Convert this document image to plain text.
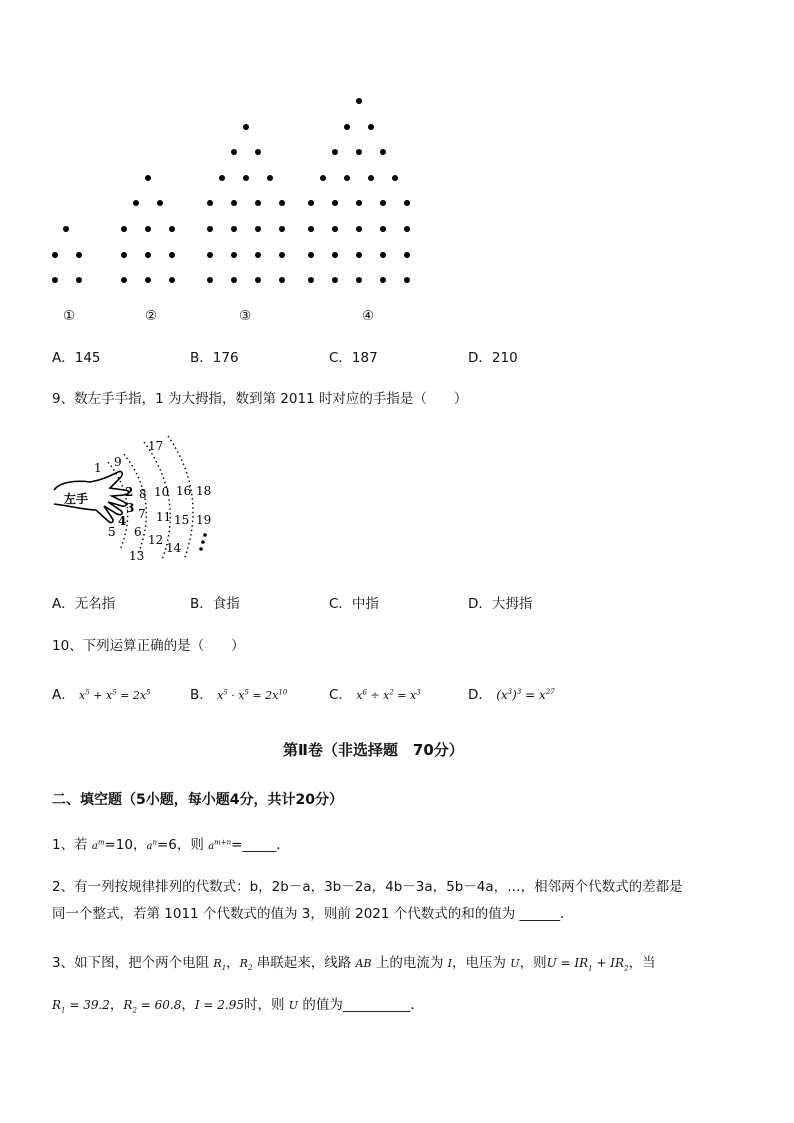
①	②	③	④
A．145	B．176	C．187	D．210
9、数左手手指，1 为大拇指，数到第 2011 时对应的手指是（　　）
左手
1
2
3
4
5 6
7
8
9
10
11
12
13
14
15
16
17
18
19
A．无名指	B．食指	C．中指	D．大拇指
10、下列运算正确的是（　　）
A． $x^5 + x^5 = 2x^5$	B． $x^5 \cdot x^5 = 2x^{10}$	C． $x^6 \div x^2 = x^3$	D． $(x^3)^3 = x^{27}$
第Ⅱ卷（非选择题　70分）
二、填空题（5小题，每小题4分，共计20分）
1、若 $a^m=10$，$a^n=6$，则 $a^{m+n}=\_\_\_\_\_$．
2、有一列按规律排列的代数式：b，2b－a，3b－2a，4b－3a，5b－4a，…，相邻两个代数式的差都是
同一个整式，若第 1011 个代数式的值为 3，则前 2021 个代数式的和的值为 ______．
3、如下图，把个两个电阻 $R_1$，$R_2$ 串联起来，线路 AB 上的电流为 I，电压为 U，则$U = IR_1 + IR_2$，当
$R_1 = 39.2$，$R_2 = 60.8$，I = 2.95时，则 U 的值为__________．
